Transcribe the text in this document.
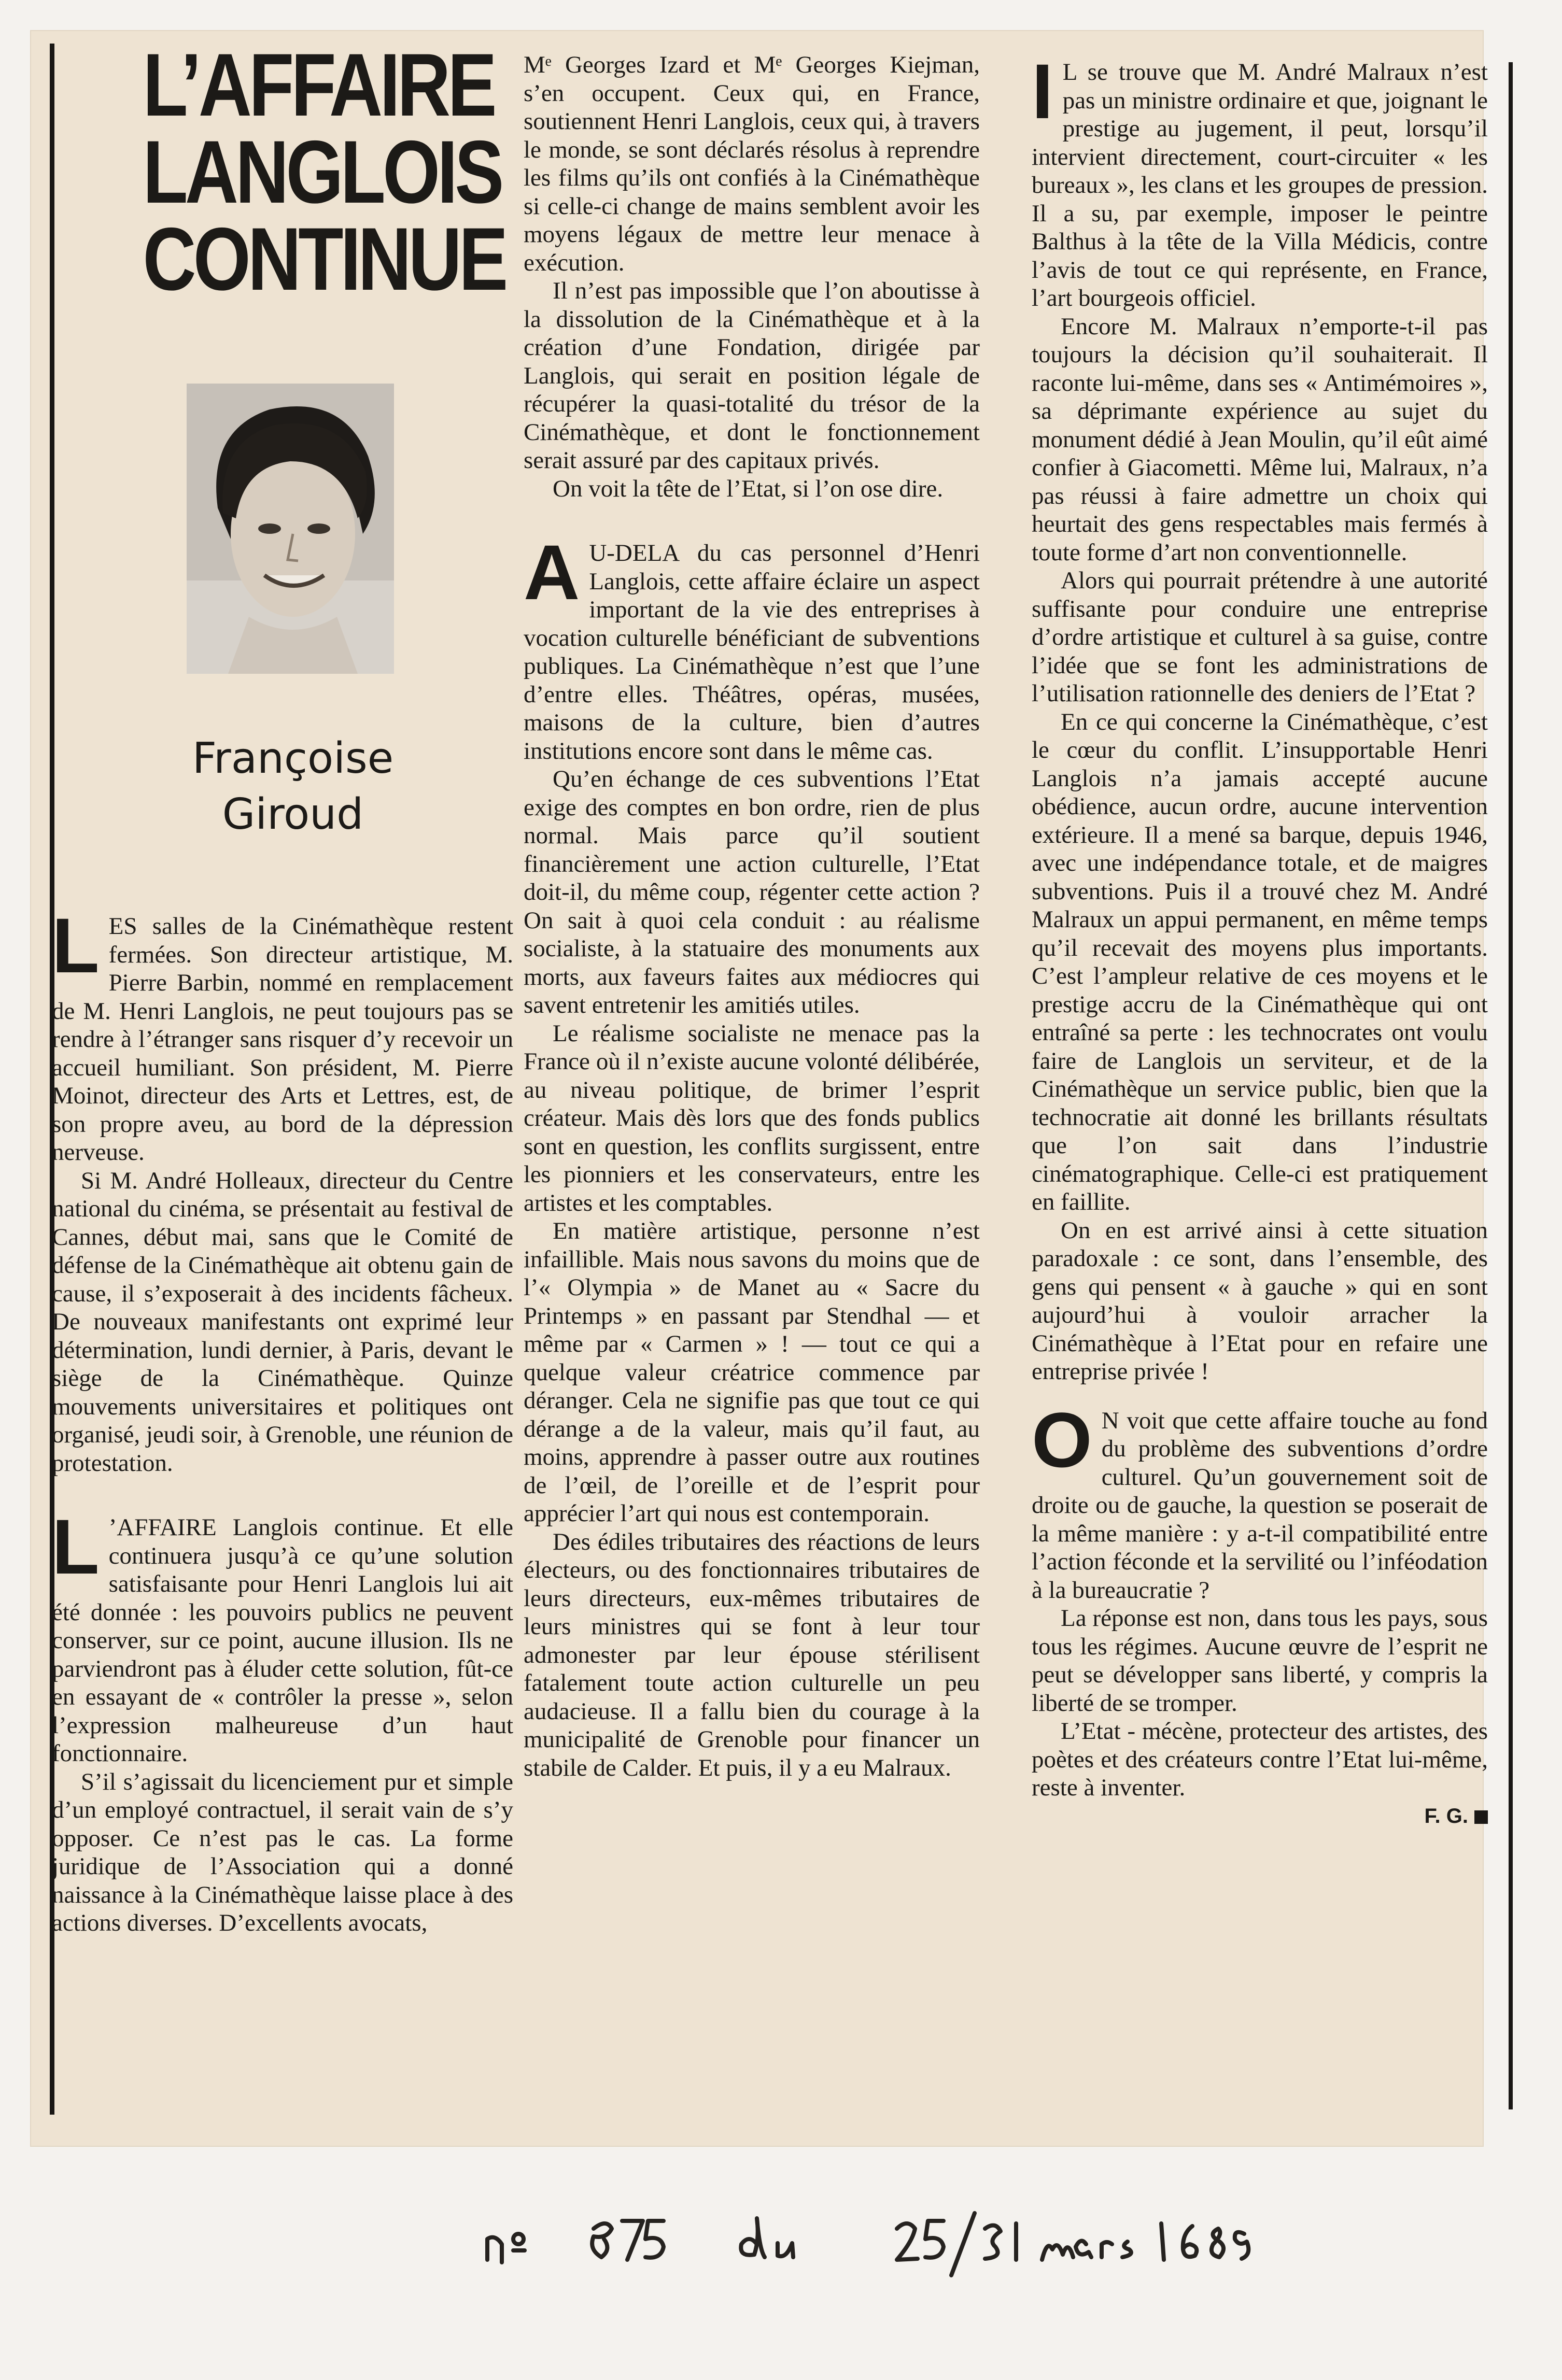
L’AFFAIRE
LANGLOIS
CONTINUE
Françoise
Giroud

LES salles de la Cinémathèque restent fermées. Son directeur artistique, M. Pierre Barbin, nommé en remplacement de M. Henri Langlois, ne peut toujours pas se rendre à l’étranger sans risquer d’y recevoir un accueil humiliant. Son président, M. Pierre Moinot, directeur des Arts et Lettres, est, de son propre aveu, au bord de la dépression nerveuse.

Si M. André Holleaux, directeur du Centre national du cinéma, se présentait au festival de Cannes, début mai, sans que le Comité de défense de la Cinémathèque ait obtenu gain de cause, il s’exposerait à des incidents fâcheux. De nouveaux manifestants ont exprimé leur détermination, lundi dernier, à Paris, devant le siège de la Cinémathèque. Quinze mouvements universitaires et politiques ont organisé, jeudi soir, à Grenoble, une réunion de protestation.

L ’AFFAIRE Langlois continue. Et elle continuera jusqu’à ce qu’une solution satisfaisante pour Henri Langlois lui ait été donnée : les pouvoirs publics ne peuvent conserver, sur ce point, aucune illusion. Ils ne parviendront pas à éluder cette solution, fût-ce en essayant de « contrôler la presse », selon l’expression malheureuse d’un haut fonctionnaire.

S’il s’agissait du licenciement pur et simple d’un employé contractuel, il serait vain de s’y opposer. Ce n’est pas le cas. La forme juridique de l’Association qui a donné naissance à la Cinémathèque laisse place à des actions diverses. D’excellents avocats,

Mᵉ Georges Izard et Mᵉ Georges Kiejman, s’en occupent. Ceux qui, en France, soutiennent Henri Langlois, ceux qui, à travers le monde, se sont déclarés résolus à reprendre les films qu’ils ont confiés à la Cinémathèque si celle-ci change de mains semblent avoir les moyens légaux de mettre leur menace à exécution.

Il n’est pas impossible que l’on aboutisse à la dissolution de la Cinémathèque et à la création d’une Fondation, dirigée par Langlois, qui serait en position légale de récupérer la quasi-totalité du trésor de la Cinémathèque, et dont le fonctionnement serait assuré par des capitaux privés.

On voit la tête de l’Etat, si l’on ose dire.

A U-DELA du cas personnel d’Henri Langlois, cette affaire éclaire un aspect important de la vie des entreprises à vocation culturelle bénéficiant de subventions publiques. La Cinémathèque n’est que l’une d’entre elles. Théâtres, opéras, musées, maisons de la culture, bien d’autres institutions encore sont dans le même cas.

Qu’en échange de ces subventions l’Etat exige des comptes en bon ordre, rien de plus normal. Mais parce qu’il soutient financièrement une action culturelle, l’Etat doit-il, du même coup, régenter cette action ? On sait à quoi cela conduit : au réalisme socialiste, à la statuaire des monuments aux morts, aux faveurs faites aux médiocres qui savent entretenir les amitiés utiles.

Le réalisme socialiste ne menace pas la France où il n’existe aucune volonté délibérée, au niveau politique, de brimer l’esprit créateur. Mais dès lors que des fonds publics sont en question, les conflits surgissent, entre les pionniers et les conservateurs, entre les artistes et les comptables.

En matière artistique, personne n’est infaillible. Mais nous savons du moins que de l’« Olympia » de Manet au « Sacre du Printemps » en passant par Stendhal — et même par « Carmen » ! — tout ce qui a quelque valeur créatrice commence par déranger. Cela ne signifie pas que tout ce qui dérange a de la valeur, mais qu’il faut, au moins, apprendre à passer outre aux routines de l’œil, de l’oreille et de l’esprit pour apprécier l’art qui nous est contemporain.

Des édiles tributaires des réactions de leurs électeurs, ou des fonctionnaires tributaires de leurs directeurs, eux-mêmes tributaires de leurs ministres qui se font à leur tour admonester par leur épouse stérilisent fatalement toute action culturelle un peu audacieuse. Il a fallu bien du courage à la municipalité de Grenoble pour financer un stabile de Calder. Et puis, il y a eu Malraux.

I L se trouve que M. André Malraux n’est pas un ministre ordinaire et que, joignant le prestige au jugement, il peut, lorsqu’il intervient directement, court-circuiter « les bureaux », les clans et les groupes de pression. Il a su, par exemple, imposer le peintre Balthus à la tête de la Villa Médicis, contre l’avis de tout ce qui représente, en France, l’art bourgeois officiel.

Encore M. Malraux n’emporte-t-il pas toujours la décision qu’il souhaiterait. Il raconte lui-même, dans ses « Antimémoires », sa déprimante expérience au sujet du monument dédié à Jean Moulin, qu’il eût aimé confier à Giacometti. Même lui, Malraux, n’a pas réussi à faire admettre un choix qui heurtait des gens respectables mais fermés à toute forme d’art non conventionnelle.

Alors qui pourrait prétendre à une autorité suffisante pour conduire une entreprise d’ordre artistique et culturel à sa guise, contre l’idée que se font les administrations de l’utilisation rationnelle des deniers de l’Etat ?

En ce qui concerne la Cinémathèque, c’est le cœur du conflit. L’insupportable Henri Langlois n’a jamais accepté aucune obédience, aucun ordre, aucune intervention extérieure. Il a mené sa barque, depuis 1946, avec une indépendance totale, et de maigres subventions. Puis il a trouvé chez M. André Malraux un appui permanent, en même temps qu’il recevait des moyens plus importants. C’est l’ampleur relative de ces moyens et le prestige accru de la Cinémathèque qui ont entraîné sa perte : les technocrates ont voulu faire de Langlois un serviteur, et de la Cinémathèque un service public, bien que la technocratie ait donné les brillants résultats que l’on sait dans l’industrie cinématographique. Celle-ci est pratiquement en faillite.

On en est arrivé ainsi à cette situation paradoxale : ce sont, dans l’ensemble, des gens qui pensent « à gauche » qui en sont aujourd’hui à vouloir arracher la Cinémathèque à l’Etat pour en refaire une entreprise privée !

O N voit que cette affaire touche au fond du problème des subventions d’ordre culturel. Qu’un gouvernement soit de droite ou de gauche, la question se poserait de la même manière : y a-t-il compatibilité entre l’action féconde et la servilité ou l’inféodation à la bureaucratie ?

La réponse est non, dans tous les pays, sous tous les régimes. Aucune œuvre de l’esprit ne peut se développer sans liberté, y compris la liberté de se tromper.

L’Etat - mécène, protecteur des artistes, des poètes et des créateurs contre l’Etat lui-même, reste à inventer.

F. G.
